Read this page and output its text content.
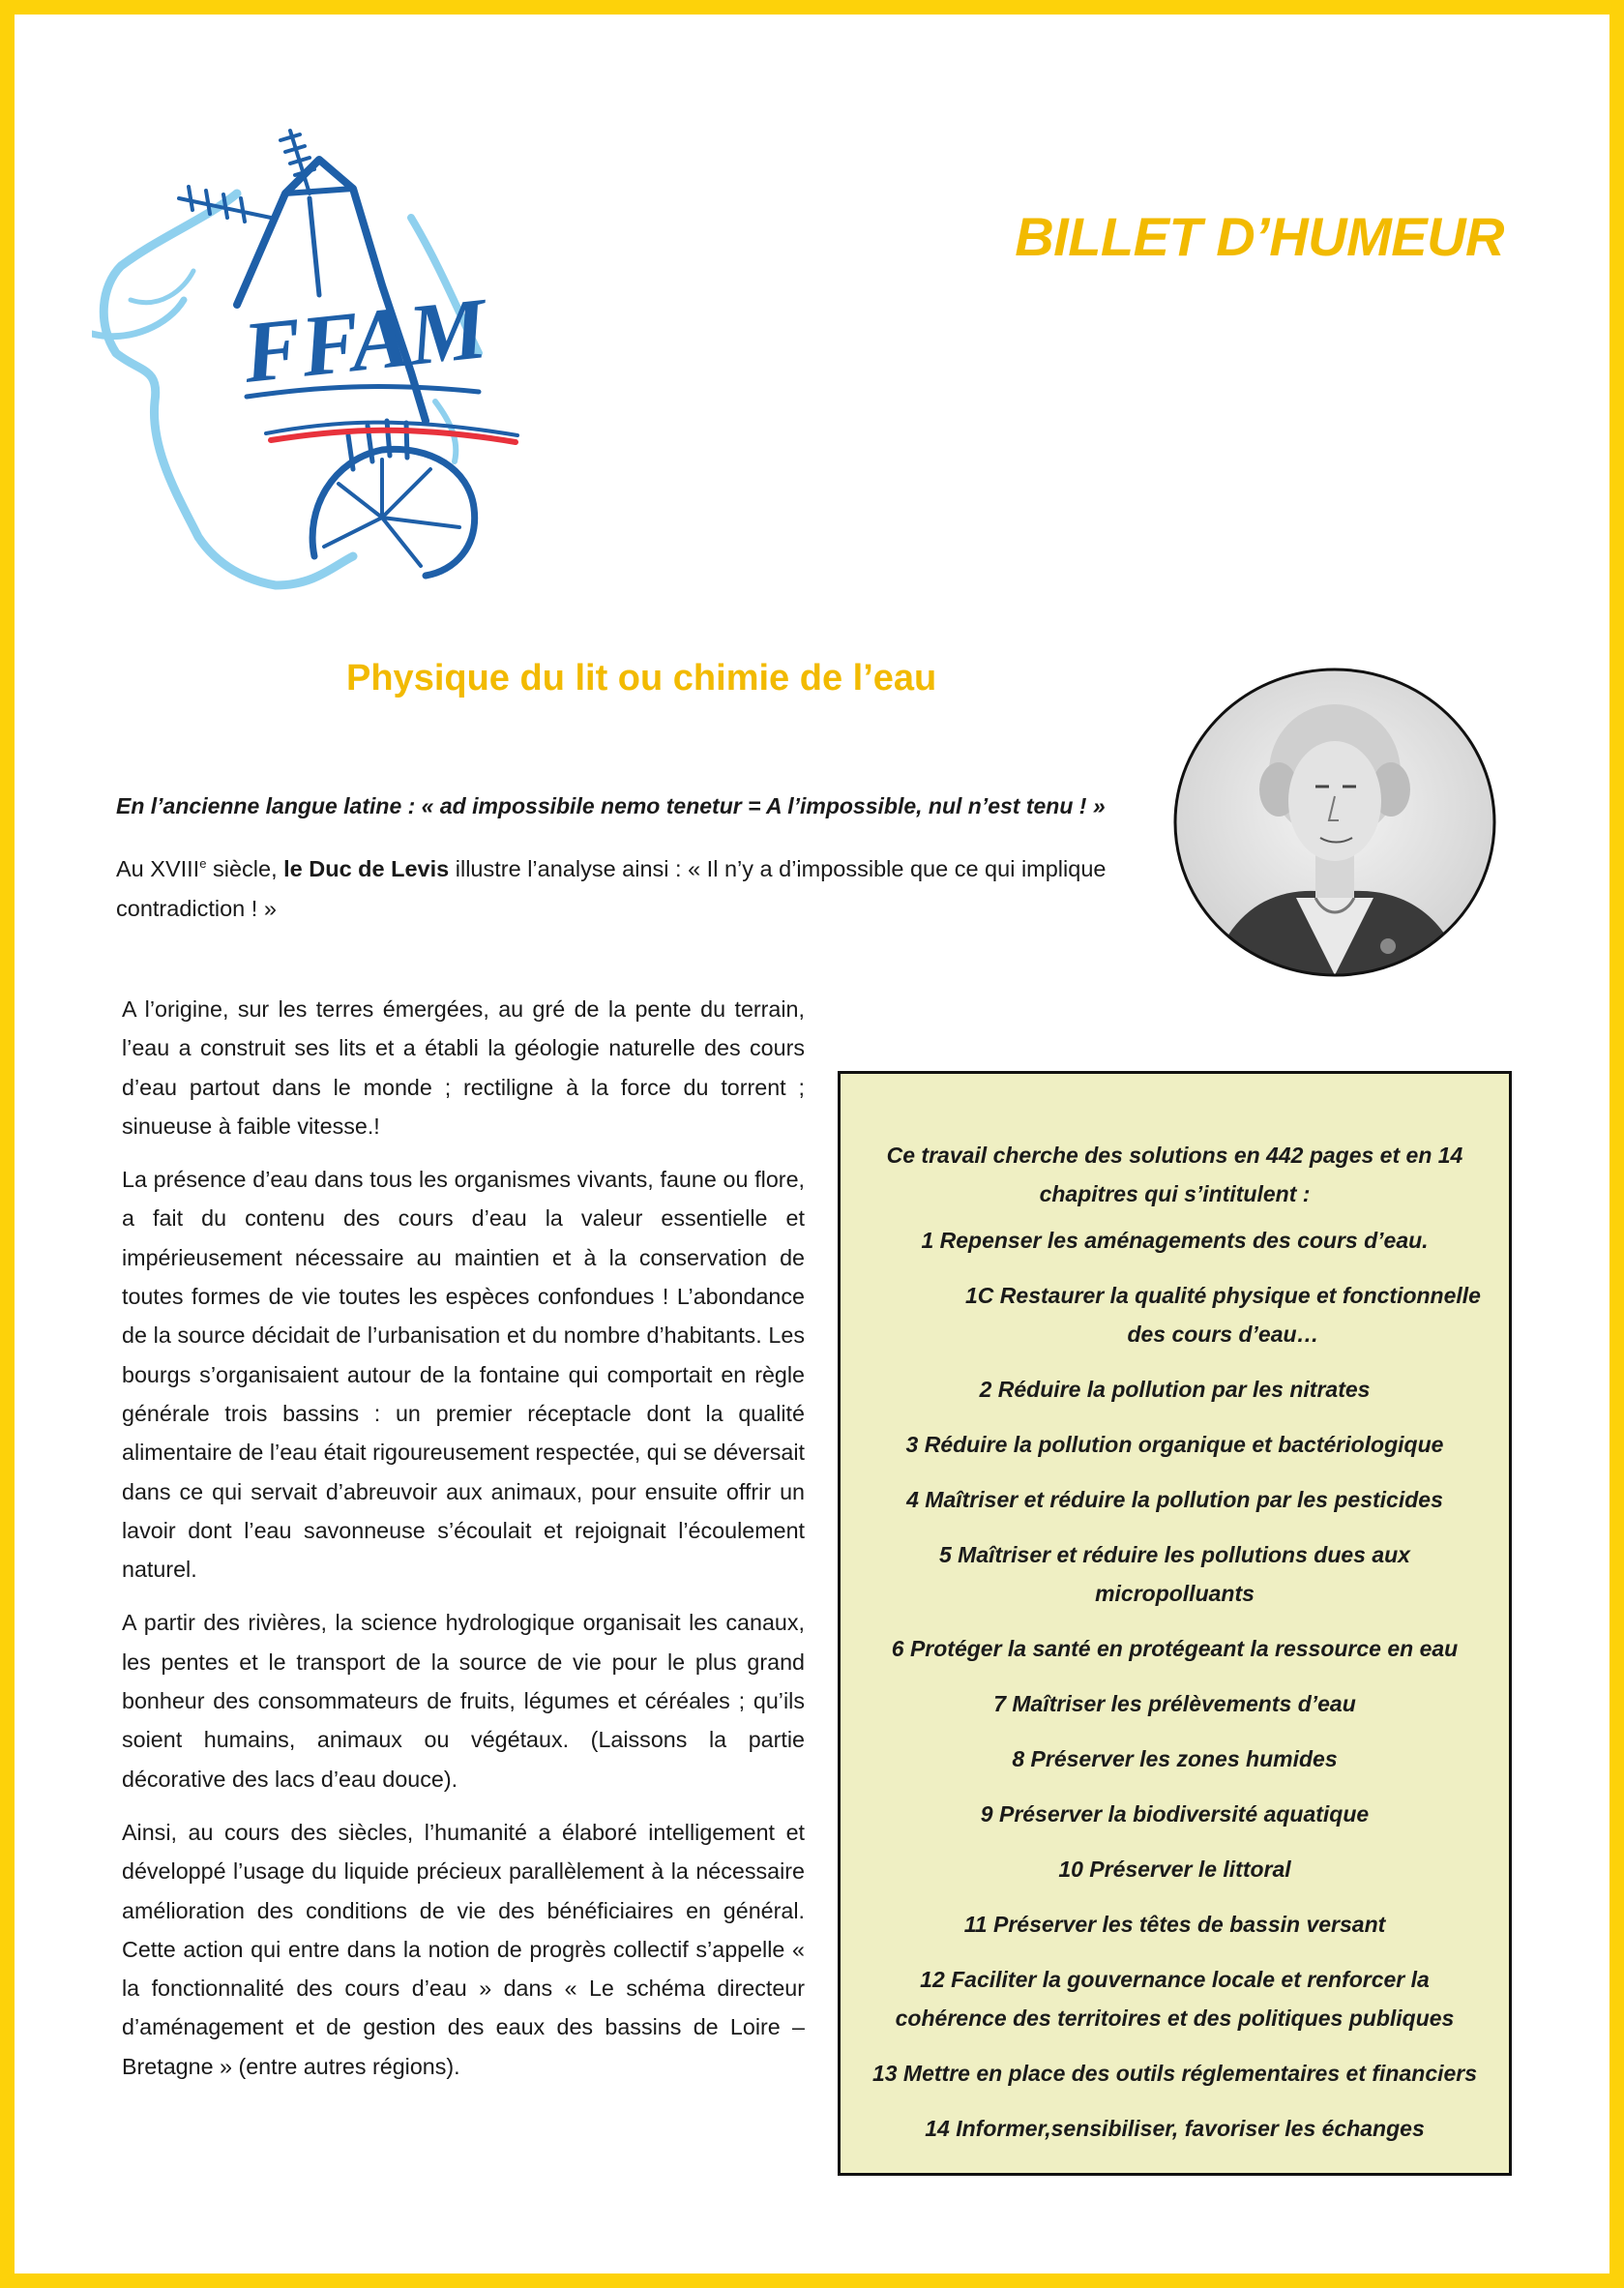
FFAM
BILLET D’HUMEUR
Physique du lit ou chimie de l’eau
En l’ancienne langue latine : « ad impossibile nemo tenetur = A l’impossible, nul n’est tenu ! »
Au XVIIIe siècle, le Duc de Levis illustre l’analyse ainsi : « Il n’y a d’impossible que ce qui implique contradiction ! »

A l’origine, sur les terres émergées, au gré de la pente du terrain, l’eau a construit ses lits et a établi la géologie naturelle des cours d’eau partout dans le monde ; rectiligne à la force du torrent ; sinueuse à faible vitesse.!

La présence d’eau dans tous les organismes vivants, faune ou flore, a fait du contenu des cours d’eau la valeur essentielle et impérieusement nécessaire au maintien et à la conservation de toutes formes de vie toutes les espèces confondues ! L’abondance de la source décidait de l’urbanisation et du nombre d’habitants. Les bourgs s’organisaient autour de la fontaine qui comportait en règle générale trois bassins : un premier réceptacle dont la qualité alimentaire de l’eau était rigoureusement respectée, qui se déversait dans ce qui servait d’abreuvoir aux animaux, pour ensuite offrir un lavoir dont l’eau savonneuse s’écoulait et rejoignait l’écoulement naturel.

A partir des rivières, la science hydrologique organisait les canaux, les pentes et le transport de la source de vie pour le plus grand bonheur des consommateurs de fruits, légumes et céréales ; qu’ils soient humains, animaux ou végétaux. (Laissons la partie décorative des lacs d’eau douce).

Ainsi, au cours des siècles, l’humanité a élaboré intelligement et développé l’usage du liquide précieux parallèlement à la nécessaire amélioration des conditions de vie des bénéficiaires en général. Cette action qui entre dans la notion de progrès collectif s’appelle « la fonctionnalité des cours d’eau » dans « Le schéma directeur d’aménagement et de gestion des eaux des bassins de Loire – Bretagne » (entre autres régions).

Ce travail cherche des solutions en 442 pages et en 14 chapitres qui s’intitulent :

1 Repenser les aménagements des cours d’eau.
1C Restaurer la qualité physique et fonctionnelle des cours d’eau…
2 Réduire la pollution par les nitrates
3 Réduire la pollution organique et bactériologique
4 Maîtriser et réduire la pollution par les pesticides
5 Maîtriser et réduire les pollutions dues aux micropolluants
6 Protéger la santé en protégeant la ressource en eau
7 Maîtriser les prélèvements d’eau
8 Préserver les zones humides
9 Préserver la biodiversité aquatique
10 Préserver le littoral
11 Préserver les têtes de bassin versant
12 Faciliter la gouvernance locale et renforcer la cohérence des territoires et des politiques publiques
13 Mettre en place des outils réglementaires et financiers
14 Informer,sensibiliser, favoriser les échanges
